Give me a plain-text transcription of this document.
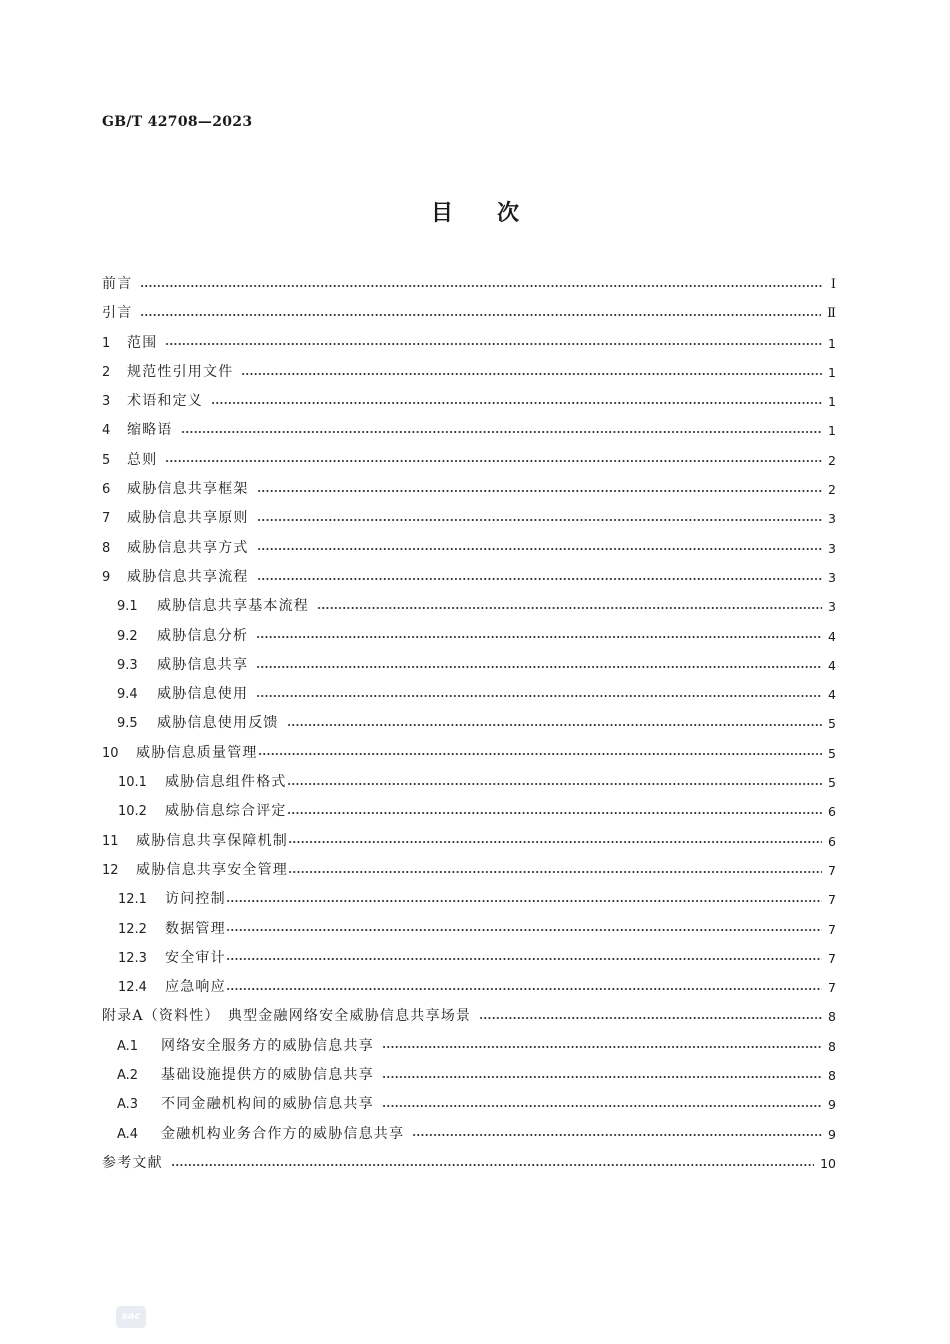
GB/T 42708—2023
目次
前言	Ⅰ
引言	Ⅱ
1	范围	1
2	规范性引用文件	1
3	术语和定义	1
4	缩略语	1
5	总则	2
6	威胁信息共享框架	2
7	威胁信息共享原则	3
8	威胁信息共享方式	3
9	威胁信息共享流程	3
9.1	威胁信息共享基本流程	3
9.2	威胁信息分析	4
9.3	威胁信息共享	4
9.4	威胁信息使用	4
9.5	威胁信息使用反馈	5
10	威胁信息质量管理	5
10.1	威胁信息组件格式	5
10.2	威胁信息综合评定	6
11	威胁信息共享保障机制	6
12	威胁信息共享安全管理	7
12.1	访问控制	7
12.2	数据管理	7
12.3	安全审计	7
12.4	应急响应	7
附录A（资料性）　典型金融网络安全威胁信息共享场景	8
A.1	网络安全服务方的威胁信息共享	8
A.2	基础设施提供方的威胁信息共享	8
A.3	不同金融机构间的威胁信息共享	9
A.4	金融机构业务合作方的威胁信息共享	9
参考文献	10
sac
